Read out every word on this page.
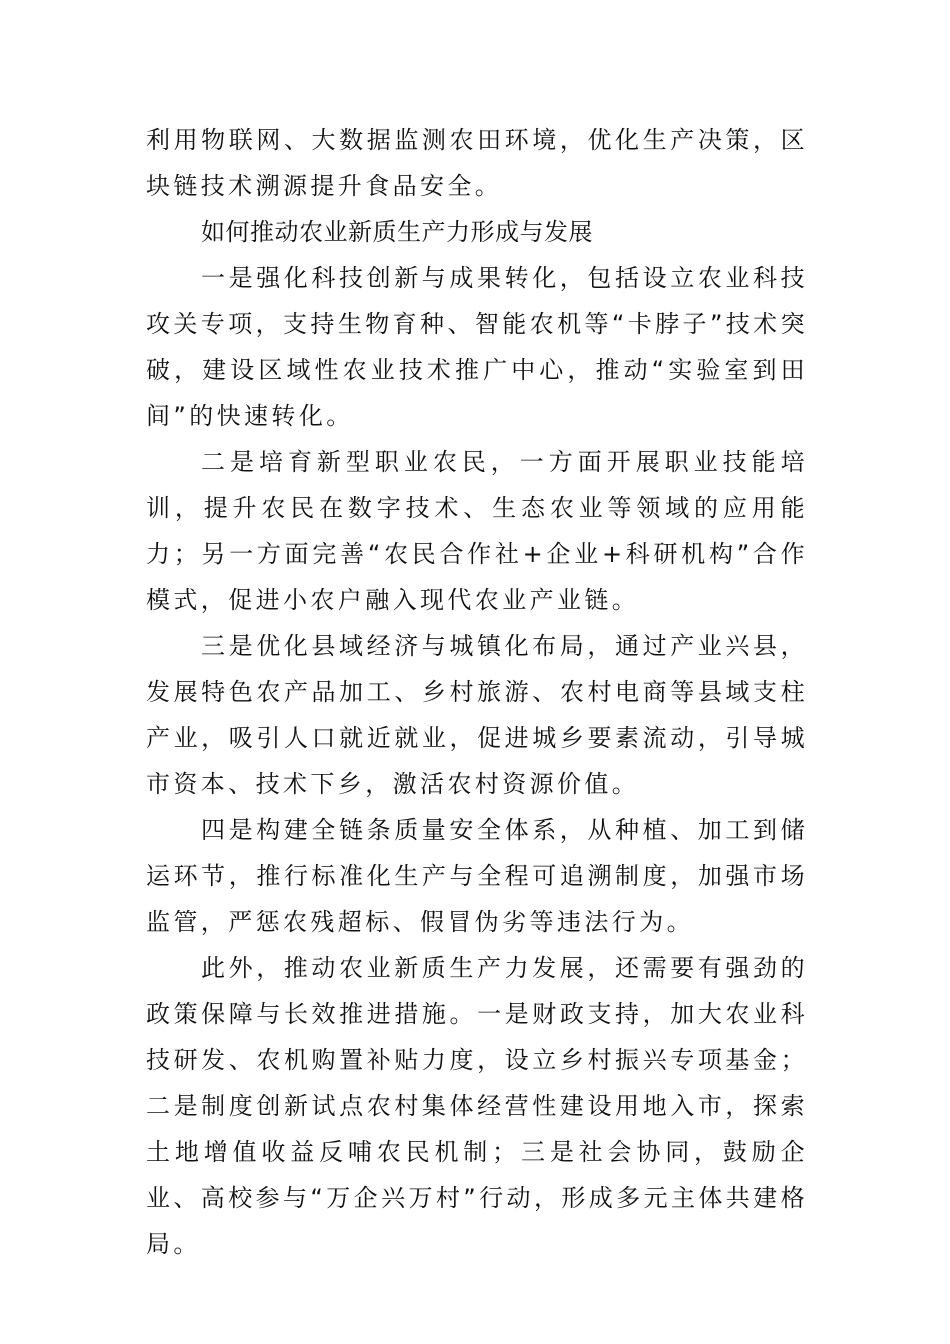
利用物联网、大数据监测农田环境，优化生产决策，区块链技术溯源提升食品安全。

如何推动农业新质生产力形成与发展

一是强化科技创新与成果转化，包括设立农业科技攻关专项，支持生物育种、智能农机等“卡脖子”技术突破，建设区域性农业技术推广中心，推动“实验室到田间”的快速转化。

二是培育新型职业农民，一方面开展职业技能培训，提升农民在数字技术、生态农业等领域的应用能力；另一方面完善“农民合作社+企业+科研机构”合作模式，促进小农户融入现代农业产业链。

三是优化县域经济与城镇化布局，通过产业兴县，发展特色农产品加工、乡村旅游、农村电商等县域支柱产业，吸引人口就近就业，促进城乡要素流动，引导城市资本、技术下乡，激活农村资源价值。

四是构建全链条质量安全体系，从种植、加工到储运环节，推行标准化生产与全程可追溯制度，加强市场监管，严惩农残超标、假冒伪劣等违法行为。

此外，推动农业新质生产力发展，还需要有强劲的政策保障与长效推进措施。一是财政支持，加大农业科技研发、农机购置补贴力度，设立乡村振兴专项基金；二是制度创新试点农村集体经营性建设用地入市，探索土地增值收益反哺农民机制；三是社会协同，鼓励企业、高校参与“万企兴万村”行动，形成多元主体共建格局。
